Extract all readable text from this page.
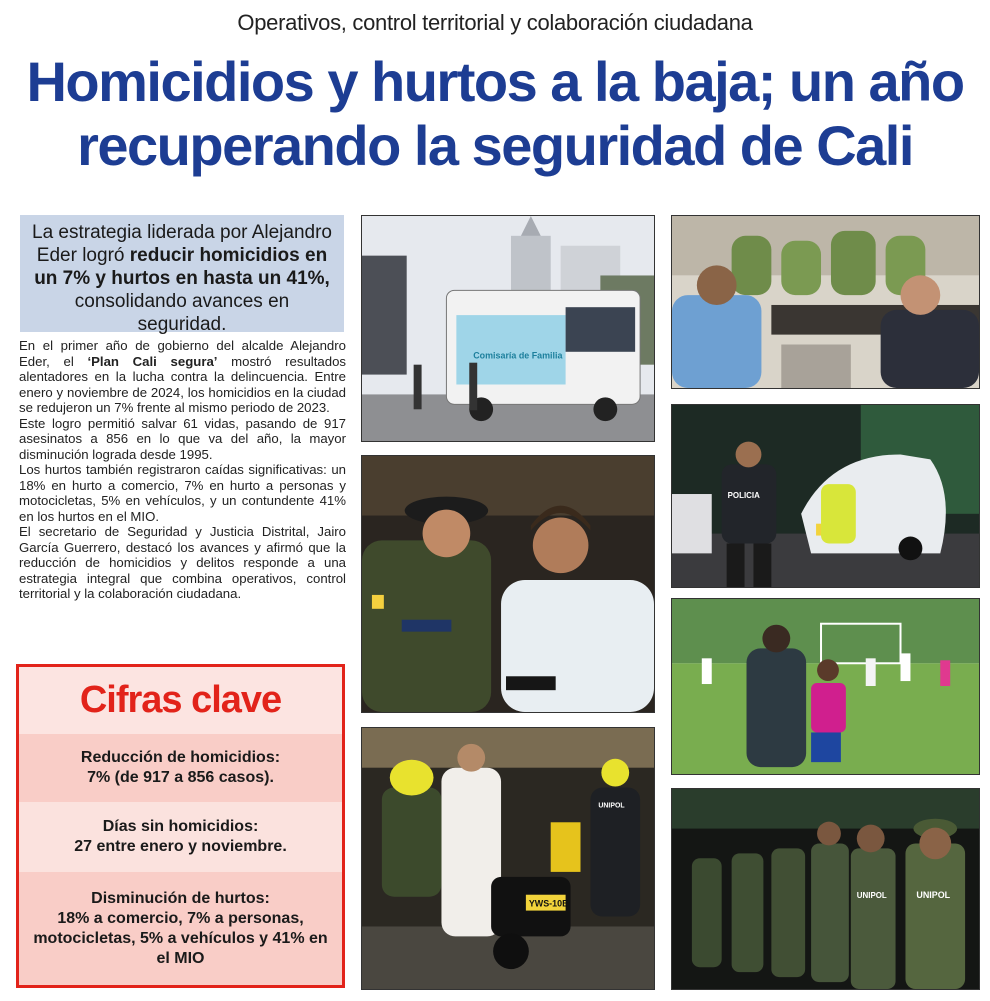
Operativos, control territorial y colaboración ciudadana
Homicidios y hurtos a la baja; un año
recuperando la seguridad de Cali
La estrategia liderada por Alejandro Eder logró reducir homicidios en un 7% y hurtos en hasta un 41%, consolidando avances en seguridad.

En el primer año de gobierno del alcalde Alejandro Eder, el ‘Plan Cali segura’ mostró resultados alentadores en la lucha contra la delincuencia. Entre enero y noviembre de 2024, los homicidios en la ciudad se redujeron un 7% frente al mismo periodo de 2023.

Este logro permitió salvar 61 vidas, pasando de 917 asesinatos a 856 en lo que va del año, la mayor disminución lograda desde 1995.

Los hurtos también registraron caídas significativas: un 18% en hurto a comercio, 7% en hurto a personas y motocicletas, 5% en vehículos, y un contundente 41% en los hurtos en el MIO.

El secretario de Seguridad y Justicia Distrital, Jairo García Guerrero, destacó los avances y afirmó que la reducción de homicidios y delitos responde a una estrategia integral que combina operativos, control territorial y la colaboración ciudadana.

Cifras clave
Reducción de homicidios:
7% (de 917 a 856 casos).
Días sin homicidios:
27 entre enero y noviembre.
Disminución de hurtos:
18% a comercio, 7% a personas, motocicletas, 5% a vehículos y 41% en el MIO
Comisaría de Familia
POLICIA
UNIPOL
YWS-10B
UNIPOL
UNIPOL
